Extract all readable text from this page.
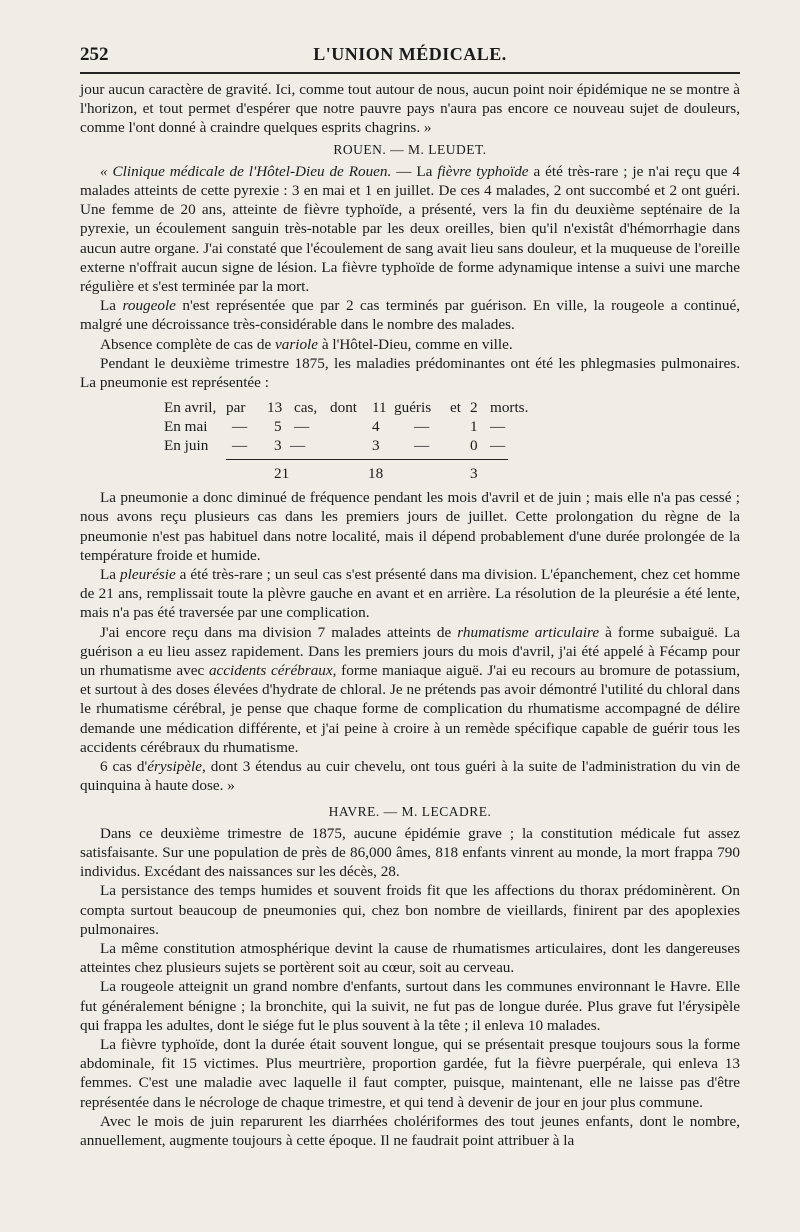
252	L'UNION MÉDICALE.

jour aucun caractère de gravité. Ici, comme tout autour de nous, aucun point noir épidémique ne se montre à l'horizon, et tout permet d'espérer que notre pauvre pays n'aura pas encore ce nouveau sujet de douleurs, comme l'ont donné à craindre quelques esprits chagrins. »

ROUEN. — M. LEUDET.

« Clinique médicale de l'Hôtel-Dieu de Rouen. — La fièvre typhoïde a été très-rare ; je n'ai reçu que 4 malades atteints de cette pyrexie : 3 en mai et 1 en juillet. De ces 4 malades, 2 ont succombé et 2 ont guéri. Une femme de 20 ans, atteinte de fièvre typhoïde, a présenté, vers la fin du deuxième septénaire de la pyrexie, un écoulement sanguin très-notable par les deux oreilles, bien qu'il n'existât d'hémorrhagie dans aucun autre organe. J'ai constaté que l'écoulement de sang avait lieu sans douleur, et la muqueuse de l'oreille externe n'offrait aucun signe de lésion. La fièvre typhoïde de forme adynamique intense a suivi une marche régulière et s'est terminée par la mort.

La rougeole n'est représentée que par 2 cas terminés par guérison. En ville, la rougeole a continué, malgré une décroissance très-considérable dans le nombre des malades.

Absence complète de cas de variole à l'Hôtel-Dieu, comme en ville.

Pendant le deuxième trimestre 1875, les maladies prédominantes ont été les phlegmasies pulmonaires. La pneumonie est représentée :

En avril, par 13 cas, dont 11 guéris et 2 morts.
En mai — 5 —	4 —	1 —
En juin — 3 —	3 —	0 —
21	18	3

La pneumonie a donc diminué de fréquence pendant les mois d'avril et de juin ; mais elle n'a pas cessé ; nous avons reçu plusieurs cas dans les premiers jours de juillet. Cette prolongation du règne de la pneumonie n'est pas habituel dans notre localité, mais il dépend probablement d'une durée prolongée de la température froide et humide.

La pleurésie a été très-rare ; un seul cas s'est présenté dans ma division. L'épanchement, chez cet homme de 21 ans, remplissait toute la plèvre gauche en avant et en arrière. La résolution de la pleurésie a été lente, mais n'a pas été traversée par une complication.

J'ai encore reçu dans ma division 7 malades atteints de rhumatisme articulaire à forme subaiguë. La guérison a eu lieu assez rapidement. Dans les premiers jours du mois d'avril, j'ai été appelé à Fécamp pour un rhumatisme avec accidents cérébraux, forme maniaque aiguë. J'ai eu recours au bromure de potassium, et surtout à des doses élevées d'hydrate de chloral. Je ne prétends pas avoir démontré l'utilité du chloral dans le rhumatisme cérébral, je pense que chaque forme de complication du rhumatisme accompagné de délire demande une médication différente, et j'ai peine à croire à un remède spécifique capable de guérir tous les accidents cérébraux du rhumatisme.

6 cas d'érysipèle, dont 3 étendus au cuir chevelu, ont tous guéri à la suite de l'administration du vin de quinquina à haute dose. »

HAVRE. — M. LECADRE.

Dans ce deuxième trimestre de 1875, aucune épidémie grave ; la constitution médicale fut assez satisfaisante. Sur une population de près de 86,000 âmes, 818 enfants vinrent au monde, la mort frappa 790 individus. Excédant des naissances sur les décès, 28.

La persistance des temps humides et souvent froids fit que les affections du thorax prédominèrent. On compta surtout beaucoup de pneumonies qui, chez bon nombre de vieillards, finirent par des apoplexies pulmonaires.

La même constitution atmosphérique devint la cause de rhumatismes articulaires, dont les dangereuses atteintes chez plusieurs sujets se portèrent soit au cœur, soit au cerveau.

La rougeole atteignit un grand nombre d'enfants, surtout dans les communes environnant le Havre. Elle fut généralement bénigne ; la bronchite, qui la suivit, ne fut pas de longue durée. Plus grave fut l'érysipèle qui frappa les adultes, dont le siége fut le plus souvent à la tête ; il enleva 10 malades.

La fièvre typhoïde, dont la durée était souvent longue, qui se présentait presque toujours sous la forme abdominale, fit 15 victimes. Plus meurtrière, proportion gardée, fut la fièvre puerpérale, qui enleva 13 femmes. C'est une maladie avec laquelle il faut compter, puisque, maintenant, elle ne laisse pas d'être représentée dans le nécrologe de chaque trimestre, et qui tend à devenir de jour en jour plus commune.

Avec le mois de juin reparurent les diarrhées cholériformes des tout jeunes enfants, dont le nombre, annuellement, augmente toujours à cette époque. Il ne faudrait point attribuer à la
